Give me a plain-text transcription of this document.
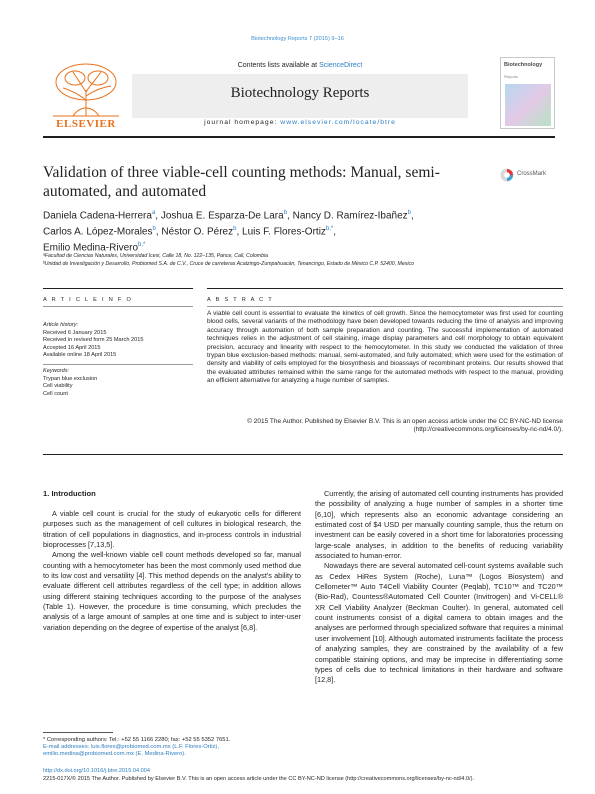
Biotechnology Reports 7 (2015) 9–16
ELSEVIER
Contents lists available at ScienceDirect
Biotechnology Reports
journal homepage: www.elsevier.com/locate/btre
Biotechnology
Reports
Validation of three viable-cell counting methods: Manual, semi-automated, and automated
CrossMark
Daniela Cadena-Herrera$^a$, Joshua E. Esparza-De Lara$^b$, Nancy D. Ramírez-Ibañez$^b$,
Carlos A. López-Morales$^b$, Néstor O. Pérez$^b$, Luis F. Flores-Ortiz$^{b,*}$,
Emilio Medina-Rivero$^{b,*}$
ᵃFacultad de Ciencias Naturales, Universidad Icesi, Calle 18, No. 122–135, Pance, Cali, Colombia
ᵇUnidad de Investigación y Desarrollo, Probiomed S.A. de C.V., Cruce de carreteras Acatzingo-Zumpahuacán, Tenancingo, Estado de México C.P. 52400, Mexico
A R T I C L E I N F O	A B S T R A C T
Article history:
Received 6 January 2015
Received in revised form 25 March 2015
Accepted 16 April 2015
Available online 18 April 2015
Keywords:
Trypan blue exclusion
Cell viability
Cell count
A viable cell count is essential to evaluate the kinetics of cell growth. Since the hemocytometer was first used for counting blood cells, several variants of the methodology have been developed towards reducing the time of analysis and improving accuracy through automation of both sample preparation and counting. The successful implementation of automated techniques relies in the adjustment of cell staining, image display parameters and cell morphology to obtain equivalent precision, accuracy and linearity with respect to the hemocytometer. In this study we conducted the validation of three trypan blue exclusion-based methods: manual, semi-automated, and fully automated; which were used for the estimation of density and viability of cells employed for the biosynthesis and bioassays of recombinant proteins. Our results showed that the evaluated attributes remained within the same range for the automated methods with respect to the manual, providing an efficient alternative for analyzing a huge number of samples.
© 2015 The Author. Published by Elsevier B.V. This is an open access article under the CC BY-NC-ND license (http://creativecommons.org/licenses/by-nc-nd/4.0/).
1. Introduction

A viable cell count is crucial for the study of eukaryotic cells for different purposes such as the management of cell cultures in biological research, the titration of cell populations in diagnostics, and in-process controls in industrial bioprocesses [7,13,5].

Among the well-known viable cell count methods developed so far, manual counting with a hemocytometer has been the most commonly used method due to its low cost and versatility [4]. This method depends on the analyst's ability to evaluate different cell attributes regardless of the cell type; in addition allows using different staining techniques according to the purpose of the analyses (Table 1). However, the procedure is time consuming, which precludes the analysis of a large amount of samples at one time and is subject to inter-user variation depending on the degree of expertise of the analyst [6,8].

Currently, the arising of automated cell counting instruments has provided the possibility of analyzing a huge number of samples in a shorter time [6,10], which represents also an economic advantage considering an estimated cost of $4 USD per manually counting sample, thus the return on investment can be easily covered in a short time for laboratories processing large-scale analyses, in addition to the benefits of reducing variability associated to human-error.

Nowadays there are several automated cell-count systems available such as Cedex HiRes System (Roche), Luna™ (Logos Biosystem) and Cellometer™ Auto T4Cell Viability Counter (Peqlab), TC10™ and TC20™ (Bio-Rad), Countess®Automated Cell Counter (Invitrogen) and Vi-CELL® XR Cell Viability Analyzer (Beckman Coulter). In general, automated cell count instruments consist of a digital camera to obtain images and the analyses are performed through specialized software that requires a minimal user involvement [10]. Although automated instruments facilitate the process of analyzing samples, they are constrained by the availability of a few compatible staining options, and may be imprecise in differentiating some types of cells due to technical limitations in their hardware and software [12,8].

* Corresponding authors: Tel.: +52 55 1166 2280; fax: +52 55 5352 7651.
E-mail addresses: luis.flores@probiomed.com.mx (L.F. Flores-Ortiz),
emilio.medina@probiomed.com.mx (E. Medina-Rivero).
http://dx.doi.org/10.1016/j.btre.2015.04.004
2215-017X/© 2015 The Author. Published by Elsevier B.V. This is an open access article under the CC BY-NC-ND license (http://creativecommons.org/licenses/by-nc-nd/4.0/).
